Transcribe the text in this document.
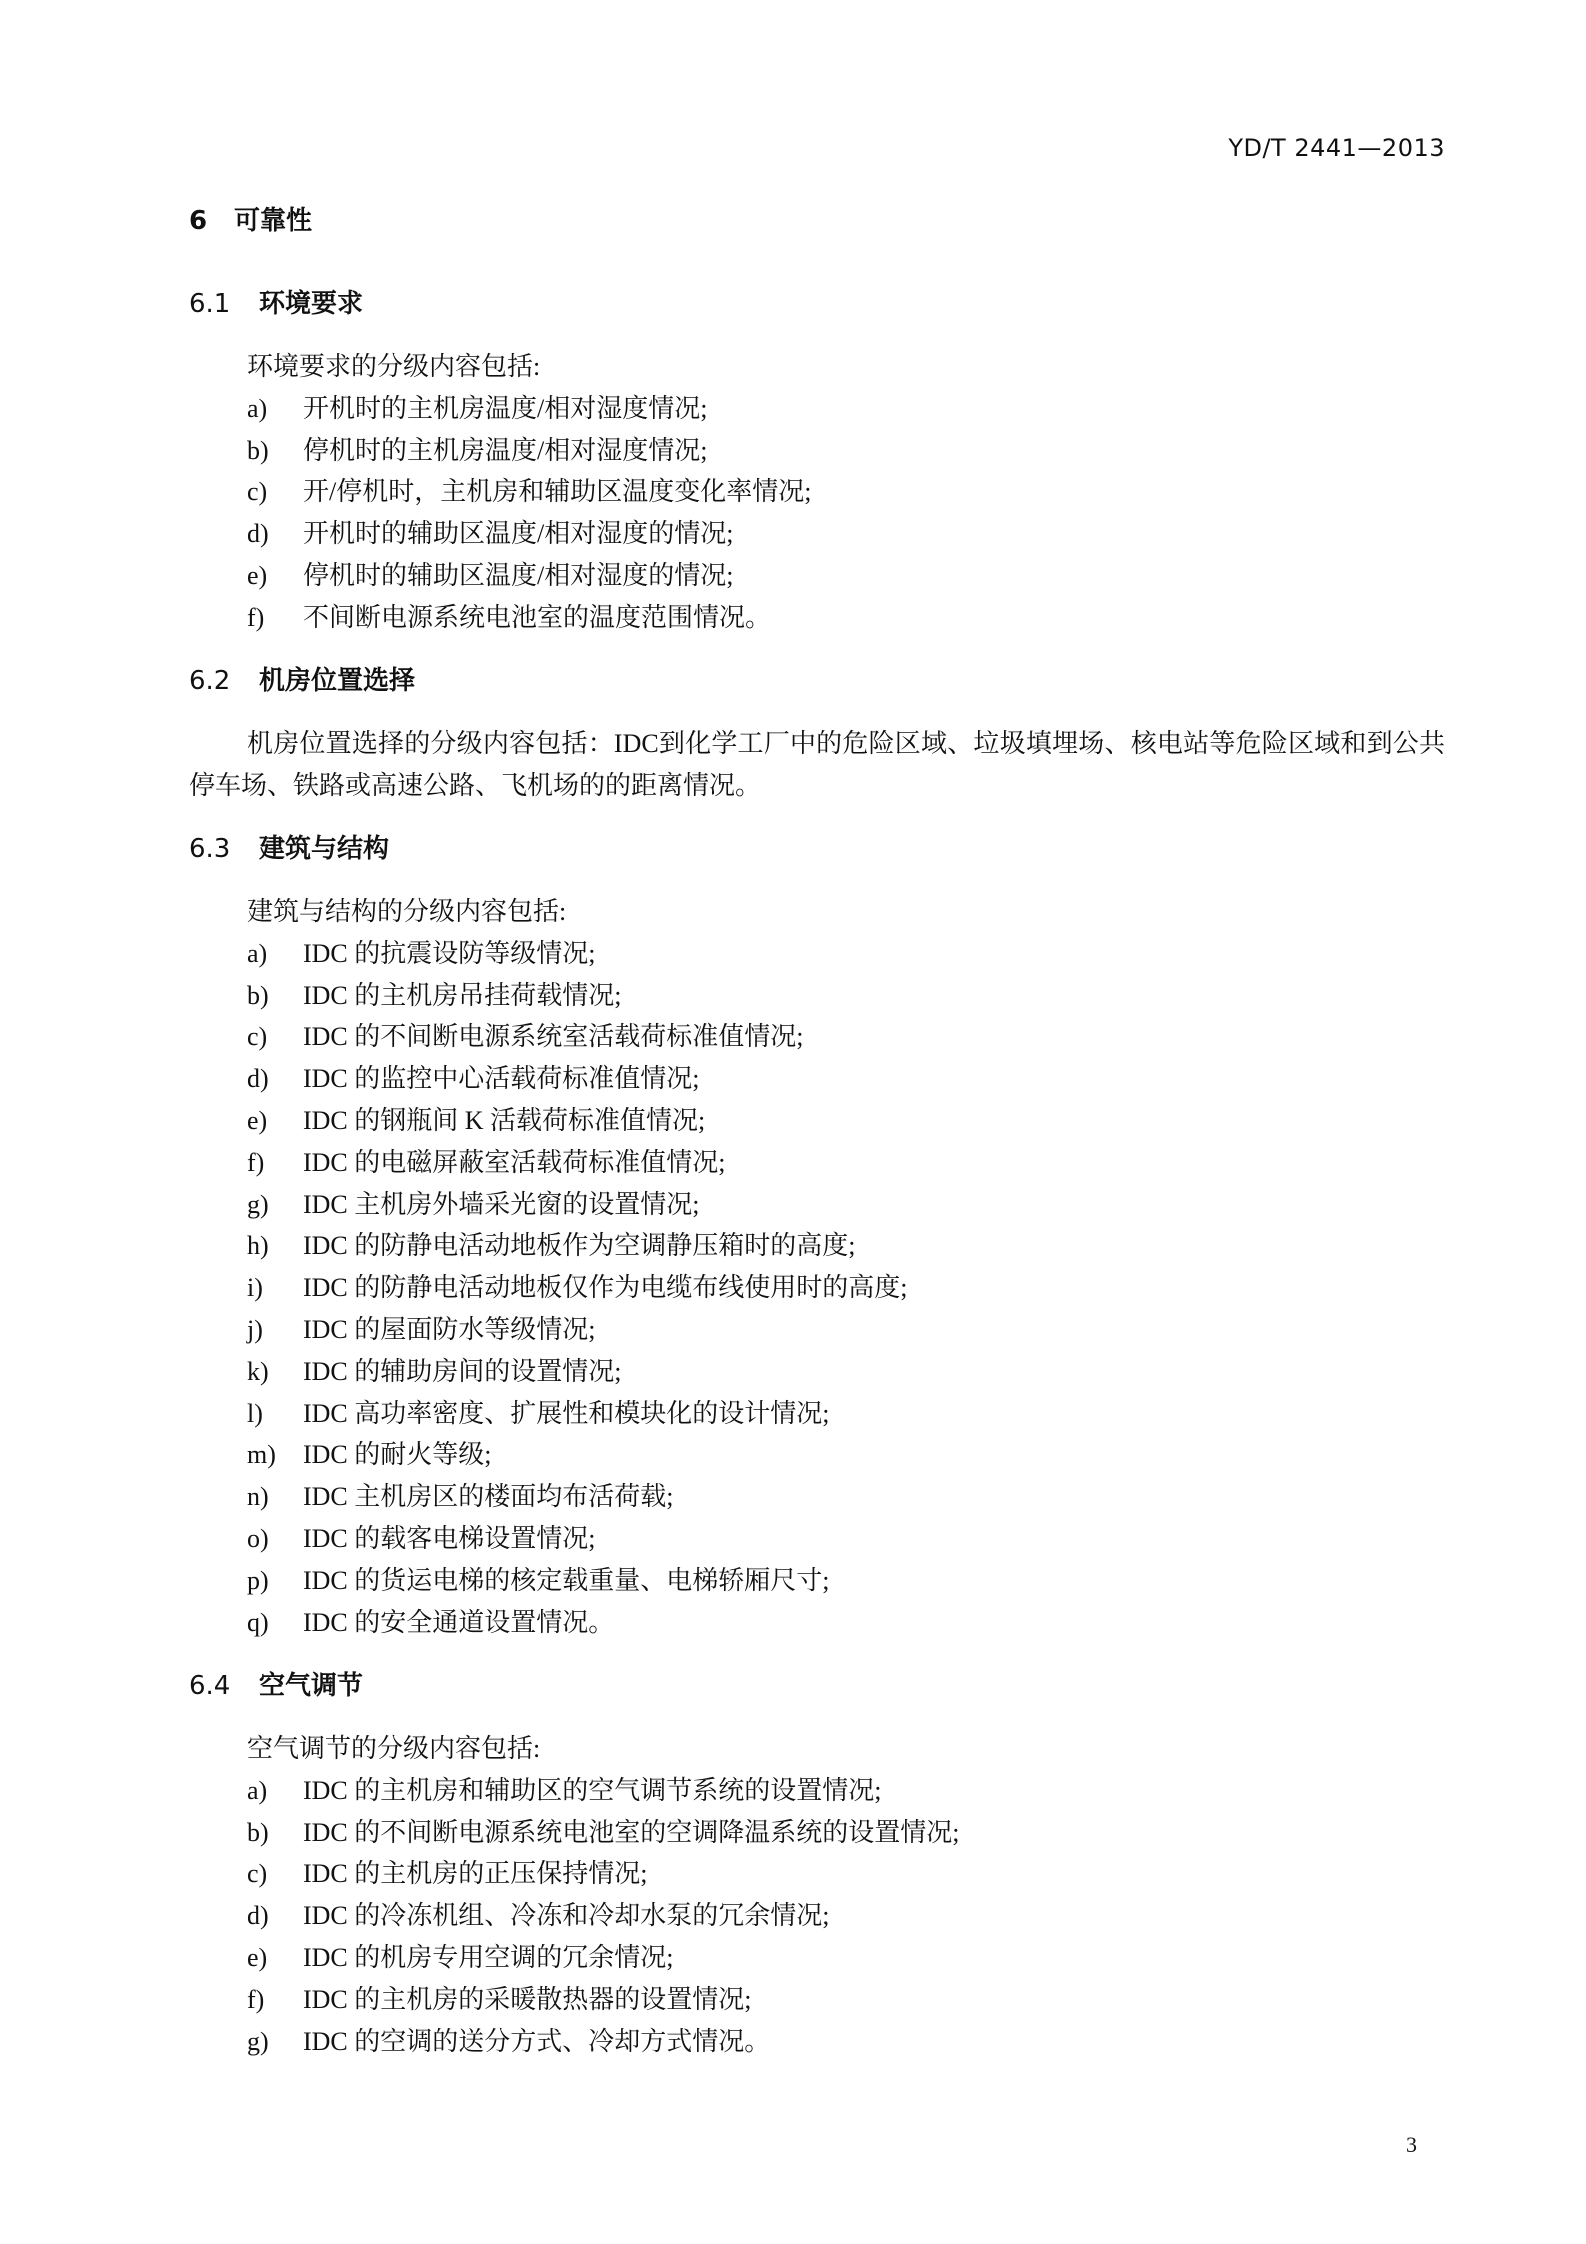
YD/T 2441—2013
6 可靠性
6.1 环境要求
环境要求的分级内容包括:
a) 开机时的主机房温度/相对湿度情况;
b) 停机时的主机房温度/相对湿度情况;
c) 开/停机时，主机房和辅助区温度变化率情况;
d) 开机时的辅助区温度/相对湿度的情况;
e) 停机时的辅助区温度/相对湿度的情况;
f) 不间断电源系统电池室的温度范围情况。
6.2 机房位置选择
机房位置选择的分级内容包括：IDC到化学工厂中的危险区域、垃圾填埋场、核电站等危险区域和到公共停车场、铁路或高速公路、飞机场的的距离情况。
6.3 建筑与结构
建筑与结构的分级内容包括:
a) IDC 的抗震设防等级情况;
b) IDC 的主机房吊挂荷载情况;
c) IDC 的不间断电源系统室活载荷标准值情况;
d) IDC 的监控中心活载荷标准值情况;
e) IDC 的钢瓶间 K 活载荷标准值情况;
f) IDC 的电磁屏蔽室活载荷标准值情况;
g) IDC 主机房外墙采光窗的设置情况;
h) IDC 的防静电活动地板作为空调静压箱时的高度;
i) IDC 的防静电活动地板仅作为电缆布线使用时的高度;
j) IDC 的屋面防水等级情况;
k) IDC 的辅助房间的设置情况;
l) IDC 高功率密度、扩展性和模块化的设计情况;
m) IDC 的耐火等级;
n) IDC 主机房区的楼面均布活荷载;
o) IDC 的载客电梯设置情况;
p) IDC 的货运电梯的核定载重量、电梯轿厢尺寸;
q) IDC 的安全通道设置情况。
6.4 空气调节
空气调节的分级内容包括:
a) IDC 的主机房和辅助区的空气调节系统的设置情况;
b) IDC 的不间断电源系统电池室的空调降温系统的设置情况;
c) IDC 的主机房的正压保持情况;
d) IDC 的冷冻机组、冷冻和冷却水泵的冗余情况;
e) IDC 的机房专用空调的冗余情况;
f) IDC 的主机房的采暖散热器的设置情况;
g) IDC 的空调的送分方式、冷却方式情况。
3
